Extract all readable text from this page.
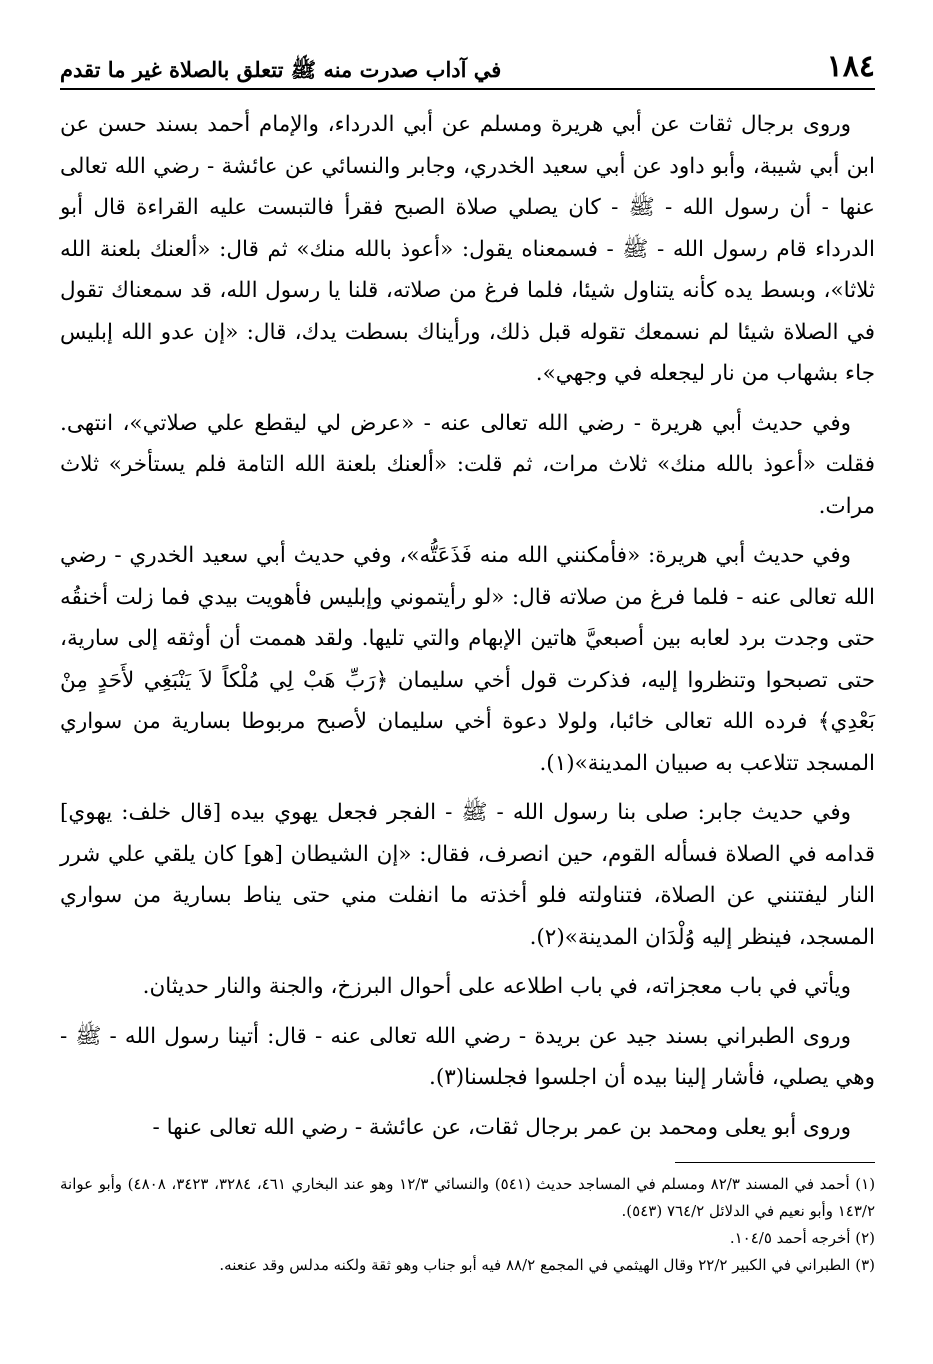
١٨٤
في آداب صدرت منه ﷺ تتعلق بالصلاة غير ما تقدم

وروى برجال ثقات عن أبي هريرة ومسلم عن أبي الدرداء، والإمام أحمد بسند حسن عن ابن أبي شيبة، وأبو داود عن أبي سعيد الخدري، وجابر والنسائي عن عائشة - رضي الله تعالى عنها - أن رسول الله - ﷺ - كان يصلي صلاة الصبح فقرأ فالتبست عليه القراءة قال أبو الدرداء قام رسول الله - ﷺ - فسمعناه يقول: «أعوذ بالله منك» ثم قال: «ألعنك بلعنة الله ثلاثا»، وبسط يده كأنه يتناول شيئا، فلما فرغ من صلاته، قلنا يا رسول الله، قد سمعناك تقول في الصلاة شيئا لم نسمعك تقوله قبل ذلك، ورأيناك بسطت يدك، قال: «إن عدو الله إبليس جاء بشهاب من نار ليجعله في وجهي».

وفي حديث أبي هريرة - رضي الله تعالى عنه - «عرض لي ليقطع علي صلاتي»، انتهى. فقلت «أعوذ بالله منك» ثلاث مرات، ثم قلت: «ألعنك بلعنة الله التامة فلم يستأخر» ثلاث مرات.

وفي حديث أبي هريرة: «فأمكنني الله منه فَذَعَتُّه»، وفي حديث أبي سعيد الخدري - رضي الله تعالى عنه - فلما فرغ من صلاته قال: «لو رأيتموني وإبليس فأهويت بيدي فما زلت أخنقُه حتى وجدت برد لعابه بين أصبعيَّ هاتين الإبهام والتي تليها. ولقد هممت أن أوثقه إلى سارية، حتى تصبحوا وتنظروا إليه، فذكرت قول أخي سليمان ﴿رَبِّ هَبْ لِي مُلْكاً لاَ يَنْبَغِي لأَحَدٍ مِنْ بَعْدِي﴾ فرده الله تعالى خائبا، ولولا دعوة أخي سليمان لأصبح مربوطا بسارية من سواري المسجد تتلاعب به صبيان المدينة»(١).

وفي حديث جابر: صلى بنا رسول الله - ﷺ - الفجر فجعل يهوي بيده [قال خلف: يهوي] قدامه في الصلاة فسأله القوم، حين انصرف، فقال: «إن الشيطان [هو] كان يلقي علي شرر النار ليفتنني عن الصلاة، فتناولته فلو أخذته ما انفلت مني حتى يناط بسارية من سواري المسجد، فينظر إليه وُلْدَان المدينة»(٢).

ويأتي في باب معجزاته، في باب اطلاعه على أحوال البرزخ، والجنة والنار حديثان.

وروى الطبراني بسند جيد عن بريدة - رضي الله تعالى عنه - قال: أتينا رسول الله - ﷺ - وهي يصلي، فأشار إلينا بيده أن اجلسوا فجلسنا(٣).

وروى أبو يعلى ومحمد بن عمر برجال ثقات، عن عائشة - رضي الله تعالى عنها -

(١) أحمد في المسند ٨٢/٣ ومسلم في المساجد حديث (٥٤١) والنسائي ١٢/٣ وهو عند البخاري ٤٦١، ٣٢٨٤، ٣٤٢٣، ٤٨٠٨) وأبو عوانة ١٤٣/٢ وأبو نعيم في الدلائل ٧٦٤/٢ (٥٤٣).

(٢) أخرجه أحمد ١٠٤/٥.

(٣) الطبراني في الكبير ٢٢/٢ وقال الهيثمي في المجمع ٨٨/٢ فيه أبو جناب وهو ثقة ولكنه مدلس وقد عنعنه.
